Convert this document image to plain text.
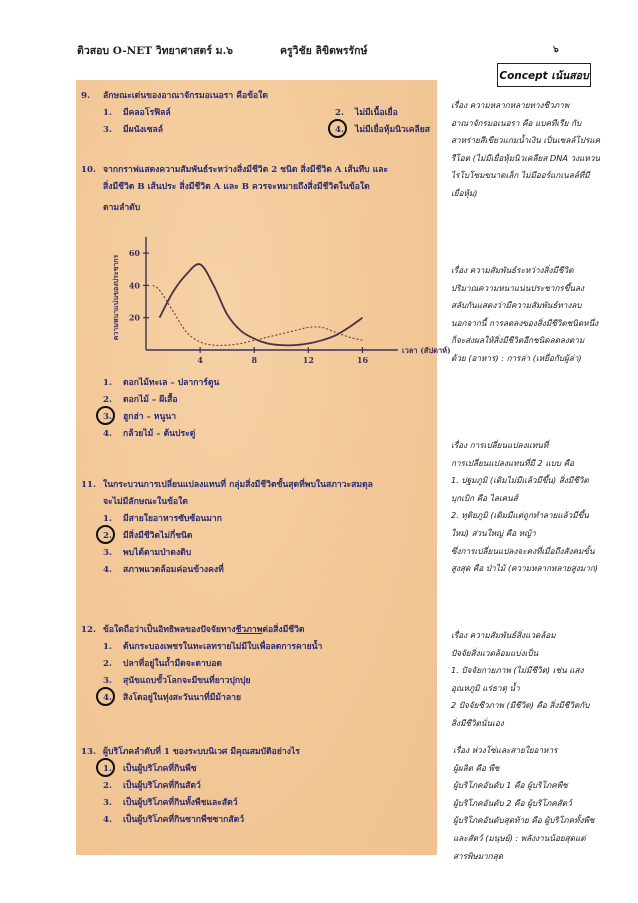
ติวสอบ O-NET วิทยาศาสตร์ ม.๖	ครูวิชัย ลิขิตพรรักษ์	๖
Concept เน้นสอบ
9. ลักษณะเด่นของอาณาจักรมอเนอรา คือข้อใด
1. มีคลอโรฟิลล์	2. ไม่มีเนื้อเยื่อ
3. มีผนังเซลล์	4. ไม่มีเยื่อหุ้มนิวเคลียส
10. จากกราฟแสดงความสัมพันธ์ระหว่างสิ่งมีชีวิต 2 ชนิด สิ่งมีชีวิต A เส้นทึบ และ
สิ่งมีชีวิต B เส้นประ สิ่งมีชีวิต A และ B ควรจะหมายถึงสิ่งมีชีวิตในข้อใด
ตามลำดับ
4	8	12	16
20
40
60
เวลา (สัปดาห์)
ความหนาแน่นของประชากร
1. ดอกไม้ทะเล – ปลาการ์ตูน
2. ดอกไม้ – ผีเสื้อ
3. ฮูกฮ่า – หนูนา
4. กล้วยไม้ – ต้นประดู่
11. ในกระบวนการเปลี่ยนแปลงแทนที่ กลุ่มสิ่งมีชีวิตขั้นสุดที่พบในสภาวะสมดุล
จะไม่มีลักษณะในข้อใด
1. มีสายใยอาหารซับซ้อนมาก
2. มีสิ่งมีชีวิตไม่กี่ชนิด
3. พบได้ตามป่าดงดิบ
4. สภาพแวดล้อมค่อนข้างคงที่
12. ข้อใดถือว่าเป็นอิทธิพลของปัจจัยทางชีวภาพต่อสิ่งมีชีวิต
1. ต้นกระบองเพชรในทะเลทรายไม่มีใบเพื่อลดการคายน้ำ
2. ปลาที่อยู่ในถ้ำมืดจะตาบอด
3. สุนัขแถบขั้วโลกจะมีขนที่ยาวปุกปุย
4. สิงโตอยู่ในทุ่งสะวันนาที่มีม้าลาย
13. ผู้บริโภคลำดับที่ 1 ของระบบนิเวศ มีคุณสมบัติอย่างไร
1. เป็นผู้บริโภคที่กินพืช
2. เป็นผู้บริโภคที่กินสัตว์
3. เป็นผู้บริโภคที่กินทั้งพืชและสัตว์
4. เป็นผู้บริโภคที่กินซากพืชซากสัตว์
เรื่อง ความหลากหลายทางชีวภาพ
อาณาจักรมอเนอรา คือ แบคทีเรีย กับ
สาหร่ายสีเขียวแกมน้ำเงิน เป็นเซลล์โปรแค
รีโอต (ไม่มีเยื่อหุ้มนิวเคลียส DNA วงแหวน
ไรโบโซมขนาดเล็ก ไม่มีออร์แกเนลล์ที่มี
เยื่อหุ้ม)
เรื่อง ความสัมพันธ์ระหว่างสิ่งมีชีวิต
ปริมาณความหนาแน่นประชากรขึ้นลง
สลับกันแสดงว่ามีความสัมพันธ์ทางลบ
นอกจากนี้ การลดลงของสิ่งมีชีวิตชนิดหนึ่ง
ก็จะส่งผลให้สิ่งมีชีวิตอีกชนิดลดลงตาม
ด้วย (อาหาร) : การล่า (เหยื่อกับผู้ล่า)
เรื่อง การเปลี่ยนแปลงแทนที่
การเปลี่ยนแปลงแทนที่มี 2 แบบ คือ
1. ปฐมภูมิ (เดิมไม่มีแล้วมีขึ้น) สิ่งมีชีวิต
บุกเบิก คือ ไลเคนส์
2. ทุติยภูมิ (เดิมมีแต่ถูกทำลายแล้วมีขึ้น
ใหม่) ส่วนใหญ่ คือ หญ้า
ซึ่งการเปลี่ยนแปลงจะคงที่เมื่อถึงสังคมขั้น
สูงสุด คือ ป่าไม้ (ความหลากหลายสูงมาก)
เรื่อง ความสัมพันธ์สิ่งแวดล้อม
ปัจจัยสิ่งแวดล้อมแบ่งเป็น
1. ปัจจัยกายภาพ (ไม่มีชีวิต) เช่น แสง
อุณหภูมิ แร่ธาตุ น้ำ
2 ปัจจัยชีวภาพ (มีชีวิต) คือ สิ่งมีชีวิตกับ
สิ่งมีชีวิตนั่นเอง
เรื่อง ห่วงโซ่และสายใยอาหาร
ผู้ผลิต คือ พืช
ผู้บริโภคอันดับ 1 คือ ผู้บริโภคพืช
ผู้บริโภคอันดับ 2 คือ ผู้บริโภคสัตว์
ผู้บริโภคอันดับสุดท้าย คือ ผู้บริโภคทั้งพืช
และสัตว์ (มนุษย์) : พลังงานน้อยสุดแต่
สารพิษมากสุด
